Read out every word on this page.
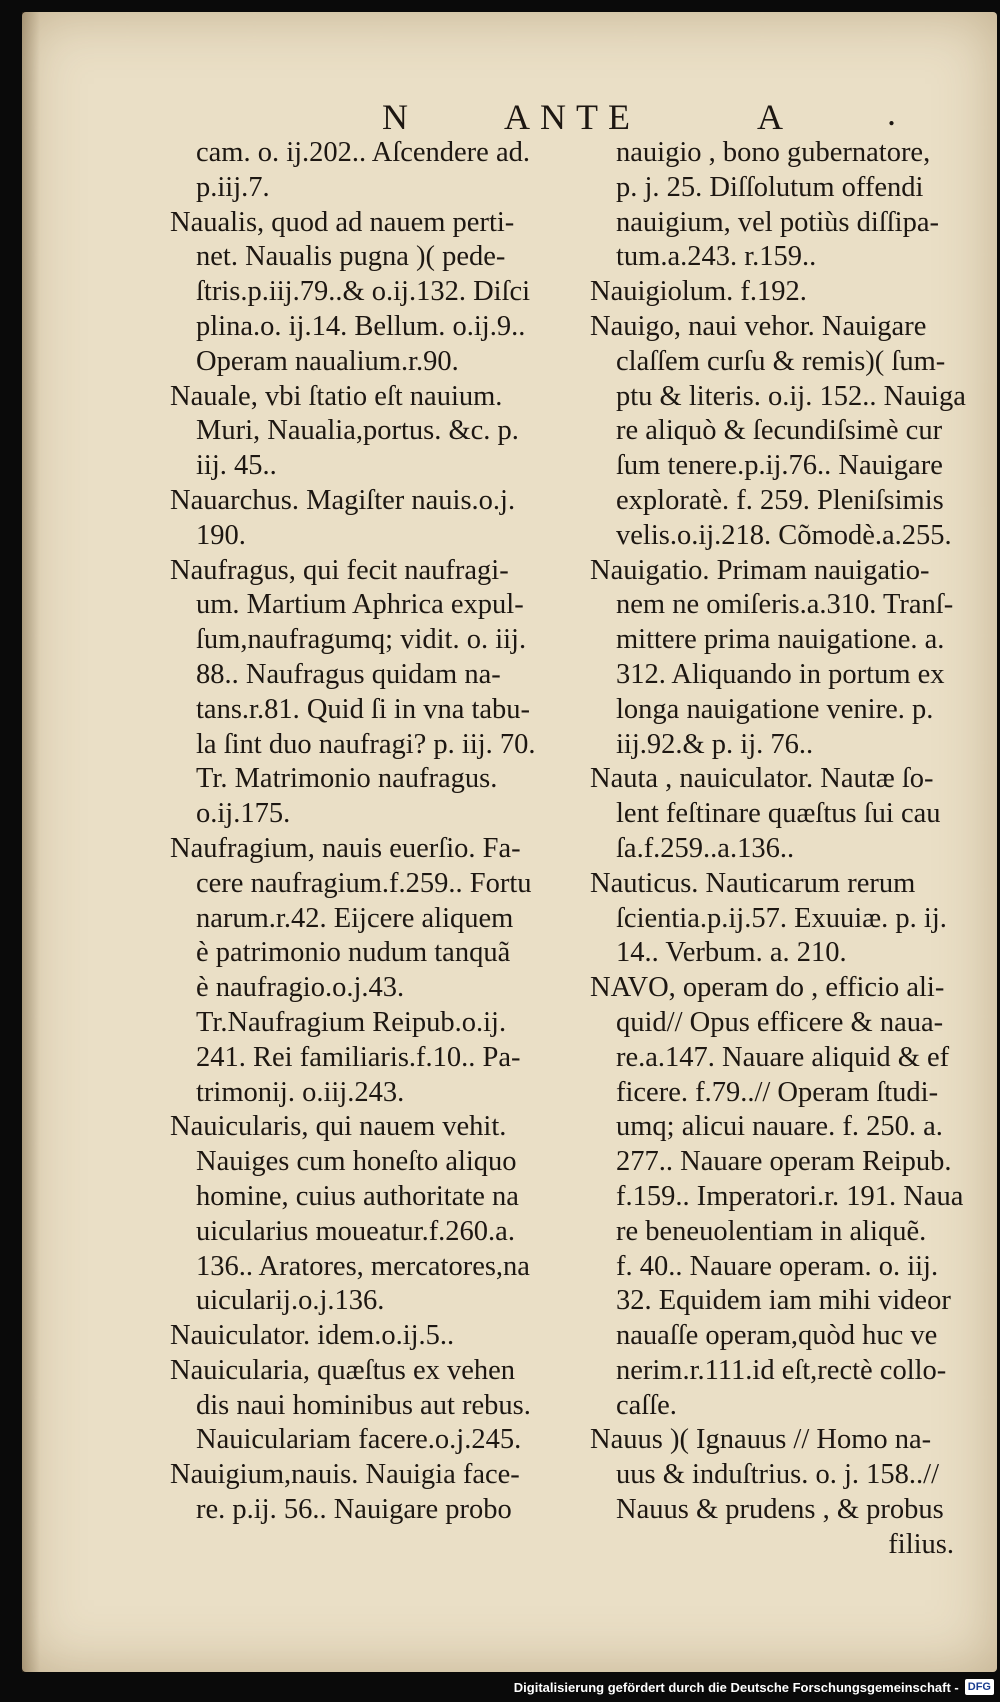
N	ANTE	A	.
cam. o. ij.202.. Aſcendere ad.
p.iij.7.
Naualis, quod ad nauem perti-
net. Naualis pugna )( pede-
ſtris.p.iij.79..& o.ij.132. Diſci
plina.o. ij.14. Bellum. o.ij.9..
Operam naualium.r.90.
Nauale, vbi ſtatio eſt nauium.
Muri, Naualia,portus. &c. p.
iij. 45..
Nauarchus. Magiſter nauis.o.j.
190.
Naufragus, qui fecit naufragi-
um. Martium Aphrica expul-
ſum,naufragumq; vidit. o. iij.
88.. Naufragus quidam na-
tans.r.81. Quid ſi in vna tabu-
la ſint duo naufragi? p. iij. 70.
Tr. Matrimonio naufragus.
o.ij.175.
Naufragium, nauis euerſio. Fa-
cere naufragium.f.259.. Fortu
narum.r.42. Eijcere aliquem
è patrimonio nudum tanquã
è naufragio.o.j.43.
Tr.Naufragium Reipub.o.ij.
241. Rei familiaris.f.10.. Pa-
trimonij. o.iij.243.
Nauicularis, qui nauem vehit.
Nauiges cum honeſto aliquo
homine, cuius authoritate na
uicularius moueatur.f.260.a.
136.. Aratores, mercatores,na
uicularij.o.j.136.
Nauiculator. idem.o.ij.5..
Nauicularia, quæſtus ex vehen
dis naui hominibus aut rebus.
Nauiculariam facere.o.j.245.
Nauigium,nauis. Nauigia face-
re. p.ij. 56.. Nauigare probo
nauigio , bono gubernatore,
p. j. 25. Diſſolutum offendi
nauigium, vel potiùs diſſipa-
tum.a.243. r.159..
Nauigiolum. f.192.
Nauigo, naui vehor. Nauigare
claſſem curſu & remis)( ſum-
ptu & literis. o.ij. 152.. Nauiga
re aliquò & ſecundiſsimè cur
ſum tenere.p.ij.76.. Nauigare
exploratè. f. 259. Pleniſsimis
velis.o.ij.218. Cõmodè.a.255.
Nauigatio. Primam nauigatio-
nem ne omiſeris.a.310. Tranſ-
mittere prima nauigatione. a.
312. Aliquando in portum ex
longa nauigatione venire. p.
iij.92.& p. ij. 76..
Nauta , nauiculator. Nautæ ſo-
lent feſtinare quæſtus ſui cau
ſa.f.259..a.136..
Nauticus. Nauticarum rerum
ſcientia.p.ij.57. Exuuiæ. p. ij.
14.. Verbum. a. 210.
NAVO, operam do , efficio ali-
quid// Opus efficere & naua-
re.a.147. Nauare aliquid & ef
ficere. f.79..// Operam ſtudi-
umq; alicui nauare. f. 250. a.
277.. Nauare operam Reipub.
f.159.. Imperatori.r. 191. Naua
re beneuolentiam in aliquẽ.
f. 40.. Nauare operam. o. iij.
32. Equidem iam mihi videor
nauaſſe operam,quòd huc ve
nerim.r.111.id eſt,rectè collo-
caſſe.
Nauus )( Ignauus // Homo na-
uus & induſtrius. o. j. 158..//
Nauus & prudens , & probus
filius.
Digitalisierung gefördert durch die Deutsche Forschungsgemeinschaft - DFG
